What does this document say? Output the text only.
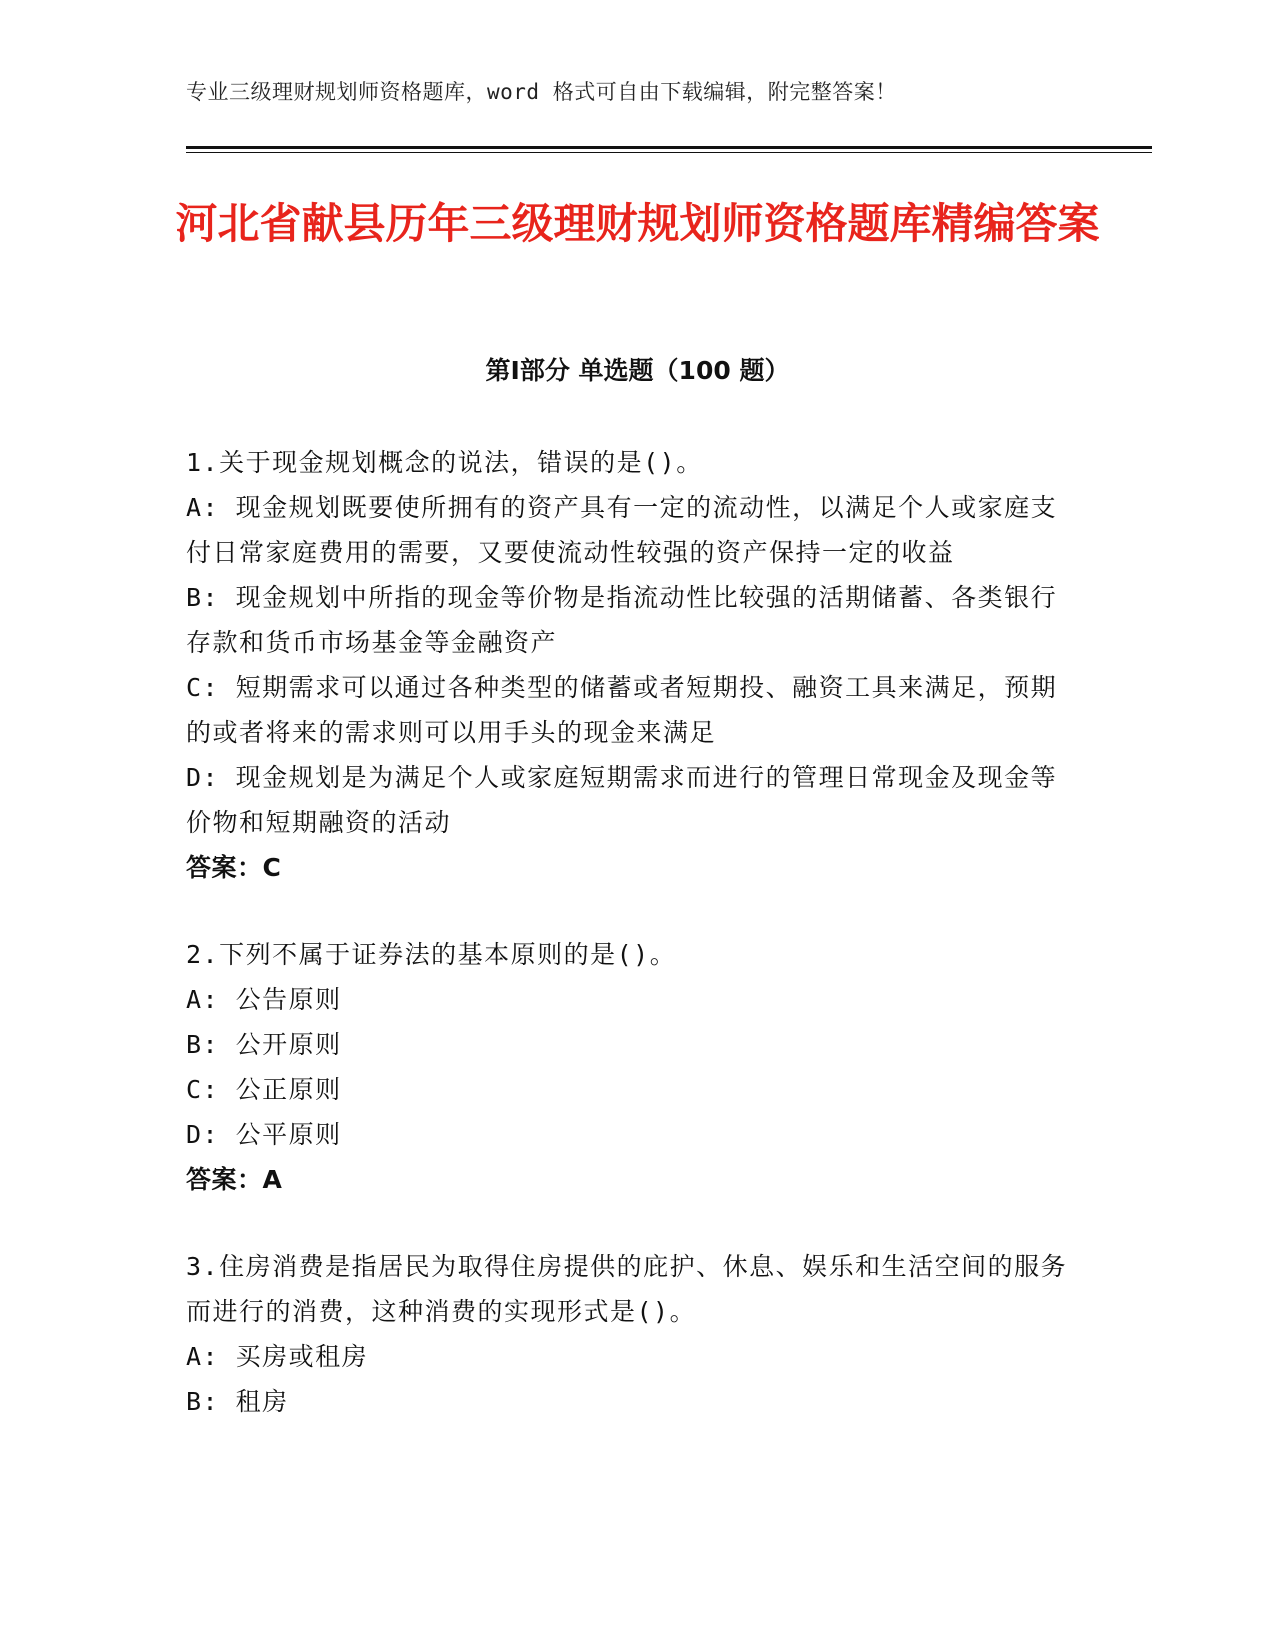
专业三级理财规划师资格题库，word 格式可自由下载编辑，附完整答案！
河北省献县历年三级理财规划师资格题库精编答案
第Ⅰ部分 单选题（100 题）

1.关于现金规划概念的说法，错误的是()。

A: 现金规划既要使所拥有的资产具有一定的流动性，以满足个人或家庭支付日常家庭费用的需要，又要使流动性较强的资产保持一定的收益

B: 现金规划中所指的现金等价物是指流动性比较强的活期储蓄、各类银行存款和货币市场基金等金融资产

C: 短期需求可以通过各种类型的储蓄或者短期投、融资工具来满足，预期的或者将来的需求则可以用手头的现金来满足

D: 现金规划是为满足个人或家庭短期需求而进行的管理日常现金及现金等价物和短期融资的活动

答案：C

2.下列不属于证券法的基本原则的是()。

A: 公告原则

B: 公开原则

C: 公正原则

D: 公平原则

答案：A

3.住房消费是指居民为取得住房提供的庇护、休息、娱乐和生活空间的服务而进行的消费，这种消费的实现形式是()。

A: 买房或租房

B: 租房
